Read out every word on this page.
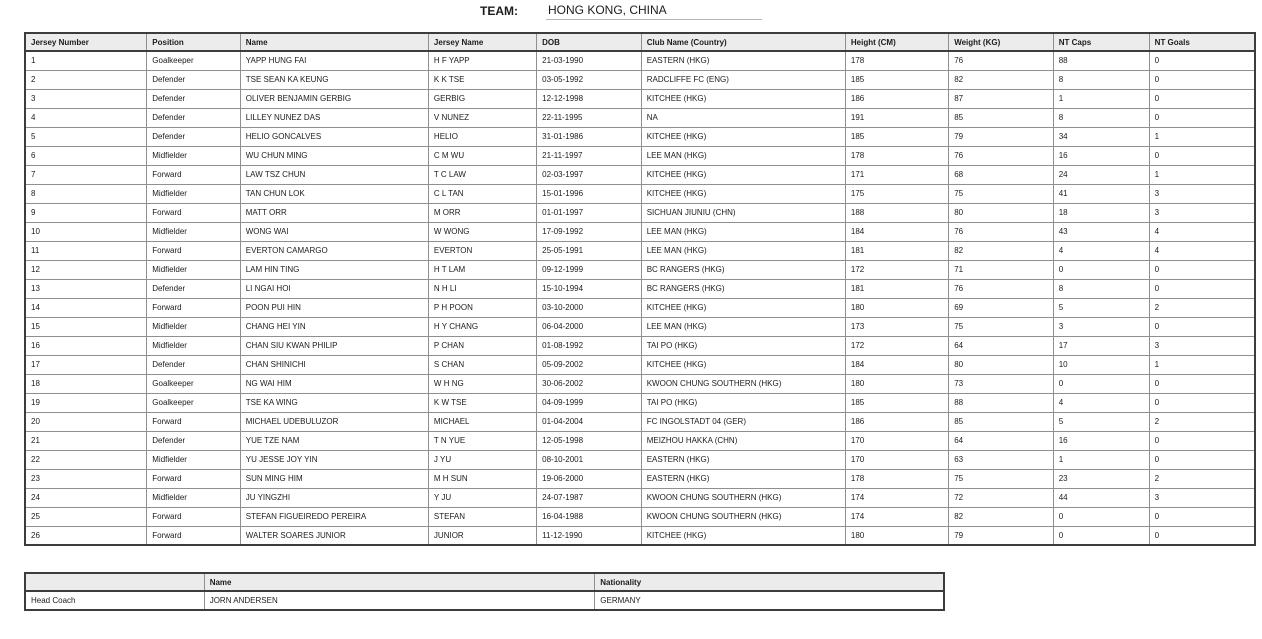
TEAM:	HONG KONG, CHINA
Jersey Number	Position	Name	Jersey Name	DOB	Club Name (Country)	Height (CM)	Weight (KG)	NT Caps	NT Goals
1	Goalkeeper	YAPP HUNG FAI	H F YAPP	21-03-1990	EASTERN (HKG)	178	76	88	0
2	Defender	TSE SEAN KA KEUNG	K K TSE	03-05-1992	RADCLIFFE FC (ENG)	185	82	8	0
3	Defender	OLIVER BENJAMIN GERBIG	GERBIG	12-12-1998	KITCHEE (HKG)	186	87	1	0
4	Defender	LILLEY NUNEZ DAS	V NUNEZ	22-11-1995	NA	191	85	8	0
5	Defender	HELIO GONCALVES	HELIO	31-01-1986	KITCHEE (HKG)	185	79	34	1
6	Midfielder	WU CHUN MING	C M WU	21-11-1997	LEE MAN (HKG)	178	76	16	0
7	Forward	LAW TSZ CHUN	T C LAW	02-03-1997	KITCHEE (HKG)	171	68	24	1
8	Midfielder	TAN CHUN LOK	C L TAN	15-01-1996	KITCHEE (HKG)	175	75	41	3
9	Forward	MATT ORR	M ORR	01-01-1997	SICHUAN JIUNIU (CHN)	188	80	18	3
10	Midfielder	WONG WAI	W WONG	17-09-1992	LEE MAN (HKG)	184	76	43	4
11	Forward	EVERTON CAMARGO	EVERTON	25-05-1991	LEE MAN (HKG)	181	82	4	4
12	Midfielder	LAM HIN TING	H T LAM	09-12-1999	BC RANGERS (HKG)	172	71	0	0
13	Defender	LI NGAI HOI	N H LI	15-10-1994	BC RANGERS (HKG)	181	76	8	0
14	Forward	POON PUI HIN	P H POON	03-10-2000	KITCHEE (HKG)	180	69	5	2
15	Midfielder	CHANG HEI YIN	H Y CHANG	06-04-2000	LEE MAN (HKG)	173	75	3	0
16	Midfielder	CHAN SIU KWAN PHILIP	P CHAN	01-08-1992	TAI PO (HKG)	172	64	17	3
17	Defender	CHAN SHINICHI	S CHAN	05-09-2002	KITCHEE (HKG)	184	80	10	1
18	Goalkeeper	NG WAI HIM	W H NG	30-06-2002	KWOON CHUNG SOUTHERN (HKG)	180	73	0	0
19	Goalkeeper	TSE KA WING	K W TSE	04-09-1999	TAI PO (HKG)	185	88	4	0
20	Forward	MICHAEL UDEBULUZOR	MICHAEL	01-04-2004	FC INGOLSTADT 04 (GER)	186	85	5	2
21	Defender	YUE TZE NAM	T N YUE	12-05-1998	MEIZHOU HAKKA (CHN)	170	64	16	0
22	Midfielder	YU JESSE JOY YIN	J YU	08-10-2001	EASTERN (HKG)	170	63	1	0
23	Forward	SUN MING HIM	M H SUN	19-06-2000	EASTERN (HKG)	178	75	23	2
24	Midfielder	JU YINGZHI	Y JU	24-07-1987	KWOON CHUNG SOUTHERN (HKG)	174	72	44	3
25	Forward	STEFAN FIGUEIREDO PEREIRA	STEFAN	16-04-1988	KWOON CHUNG SOUTHERN (HKG)	174	82	0	0
26	Forward	WALTER SOARES JUNIOR	JUNIOR	11-12-1990	KITCHEE (HKG)	180	79	0	0
	Name	Nationality
Head Coach	JORN ANDERSEN	GERMANY
